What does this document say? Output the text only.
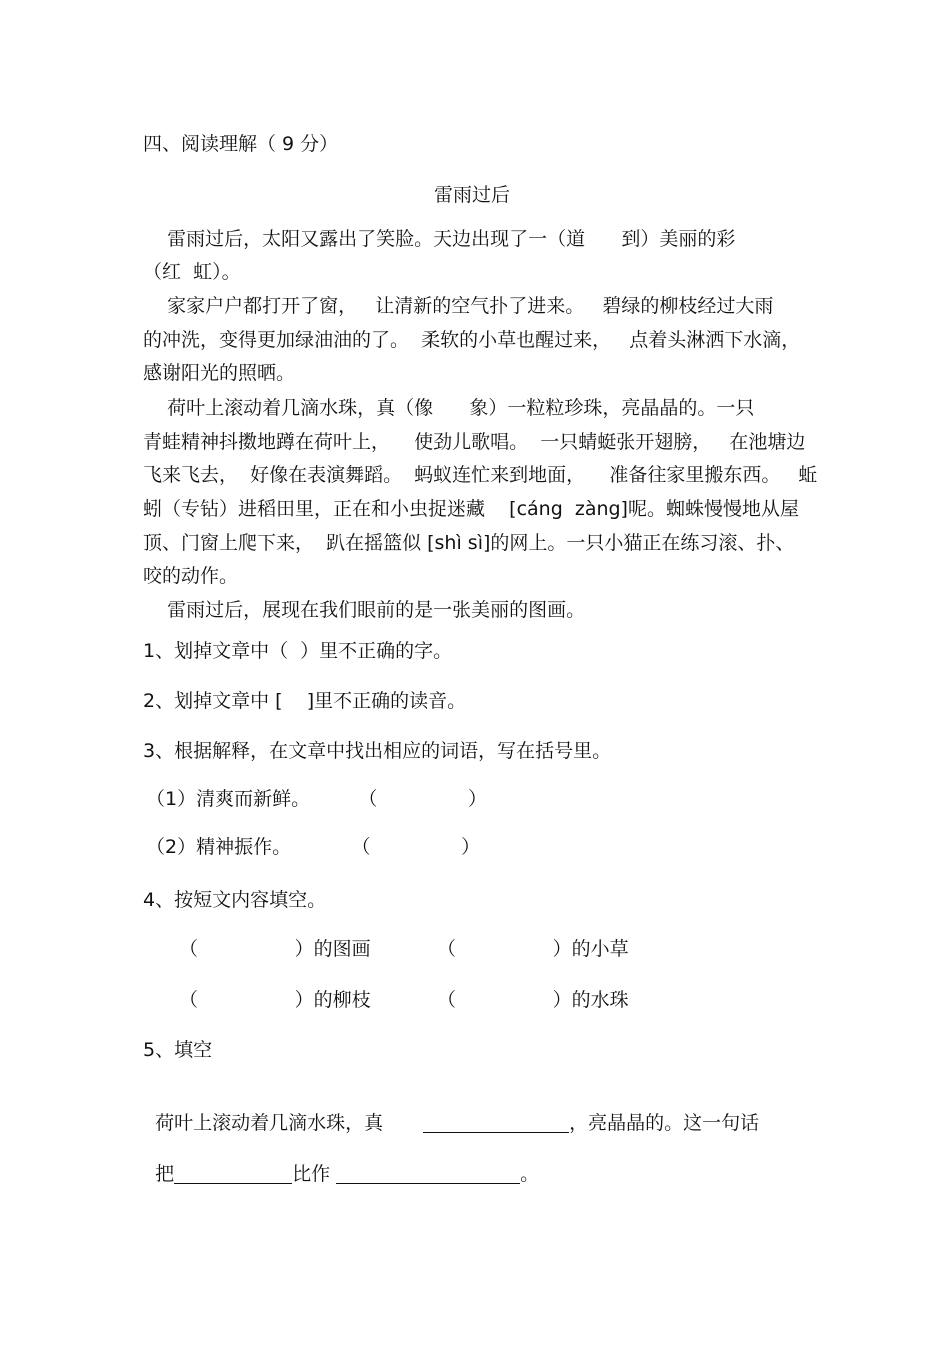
四、阅读理解（ 9 分）
雷雨过后
雷雨过后，太阳又露出了笑脸。天边出现了一（道      到）美丽的彩
（红  虹）。
家家户户都打开了窗，   让清新的空气扑了进来。   碧绿的柳枝经过大雨
的冲洗，变得更加绿油油的了。  柔软的小草也醒过来，   点着头淋洒下水滴，
感谢阳光的照晒。
荷叶上滚动着几滴水珠，真（像      象）一粒粒珍珠，亮晶晶的。一只
青蛙精神抖擞地蹲在荷叶上，    使劲儿歌唱。  一只蜻蜓张开翅膀，   在池塘边
飞来飞去，  好像在表演舞蹈。  蚂蚁连忙来到地面，    准备往家里搬东西。   蚯
蚓（专钻）进稻田里，正在和小虫捉迷藏    [cáng  zàng]呢。蜘蛛慢慢地从屋
顶、门窗上爬下来，  趴在摇篮似 [shì sì]的网上。一只小猫正在练习滚、扑、
咬的动作。
雷雨过后，展现在我们眼前的是一张美丽的图画。
1、划掉文章中（  ）里不正确的字。
2、划掉文章中 [    ]里不正确的读音。
3、根据解释，在文章中找出相应的词语，写在括号里。
（1）清爽而新鲜。        （               ）
（2）精神振作。          （               ）
4、按短文内容填空。
（                ）的图画	（                ）的小草
（                ）的柳枝	（                ）的水珠
5、填空

荷叶上滚动着几滴水珠，真	，亮晶晶的。这一句话

把	比作	。
